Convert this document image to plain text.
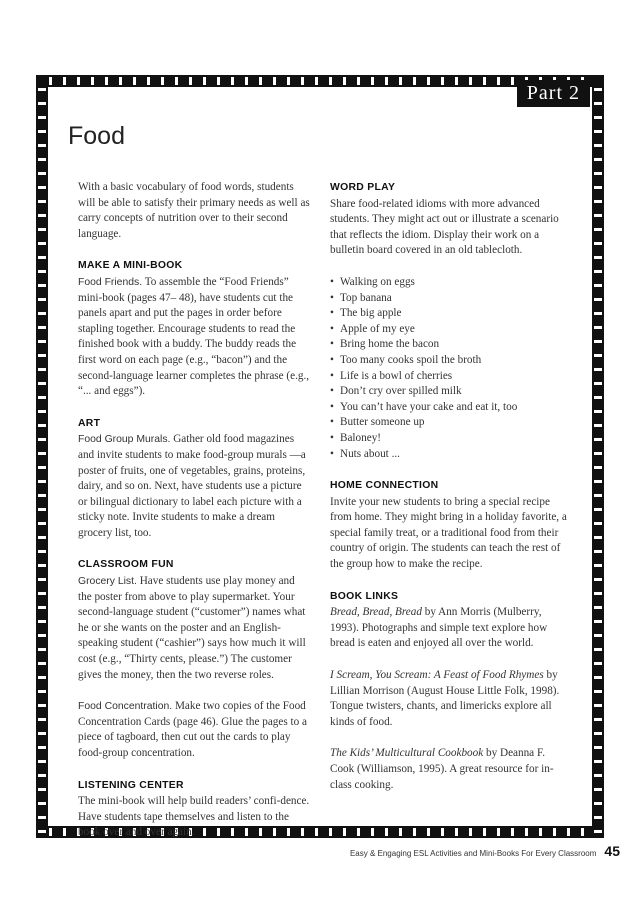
Part 2
Food

With a basic vocabulary of food words, students will be able to satisfy their primary needs as well as carry concepts of nutrition over to their second language.

MAKE A MINI-BOOK

Food Friends. To assemble the “Food Friends” mini-book (pages 47– 48), have students cut the panels apart and put the pages in order before stapling together. Encourage students to read the finished book with a buddy. The buddy reads the first word on each page (e.g., “bacon”) and the second-language learner completes the phrase (e.g., “... and eggs”).

ART

Food Group Murals. Gather old food magazines and invite students to make food-group murals —a poster of fruits, one of vegetables, grains, proteins, dairy, and so on. Next, have students use a picture or bilingual dictionary to label each picture with a sticky note. Invite students to make a dream grocery list, too.

CLASSROOM FUN

Grocery List. Have students use play money and the poster from above to play supermarket. Your second-language student (“customer”) names what he or she wants on the poster and an English-speaking student (“cashier”) says how much it will cost (e.g., “Thirty cents, please.”) The customer gives the money, then the two reverse roles.

Food Concentration. Make two copies of the Food Concentration Cards (page 46). Glue the pages to a piece of tagboard, then cut out the cards to play food-group concentration.

LISTENING CENTER

The mini-book will help build readers’ confi-dence. Have students tape themselves and listen to the book over and over again.

WORD PLAY

Share food-related idioms with more advanced students. They might act out or illustrate a scenario that reflects the idiom. Display their work on a bulletin board covered in an old tablecloth.

• Walking on eggs
• Top banana
• The big apple
• Apple of my eye
• Bring home the bacon
• Too many cooks spoil the broth
• Life is a bowl of cherries
• Don’t cry over spilled milk
• You can’t have your cake and eat it, too
• Butter someone up
• Baloney!
• Nuts about ...
HOME CONNECTION

Invite your new students to bring a special recipe from home. They might bring in a holiday favorite, a special family treat, or a traditional food from their country of origin. The students can teach the rest of the group how to make the recipe.

BOOK LINKS

Bread, Bread, Bread by Ann Morris (Mulberry, 1993). Photographs and simple text explore how bread is eaten and enjoyed all over the world.

I Scream, You Scream: A Feast of Food Rhymes by Lillian Morrison (August House Little Folk, 1998). Tongue twisters, chants, and limericks explore all kinds of food.

The Kids’ Multicultural Cookbook by Deanna F. Cook (Williamson, 1995). A great resource for in-class cooking.

Easy & Engaging ESL Activities and Mini-Books For Every Classroom 45
